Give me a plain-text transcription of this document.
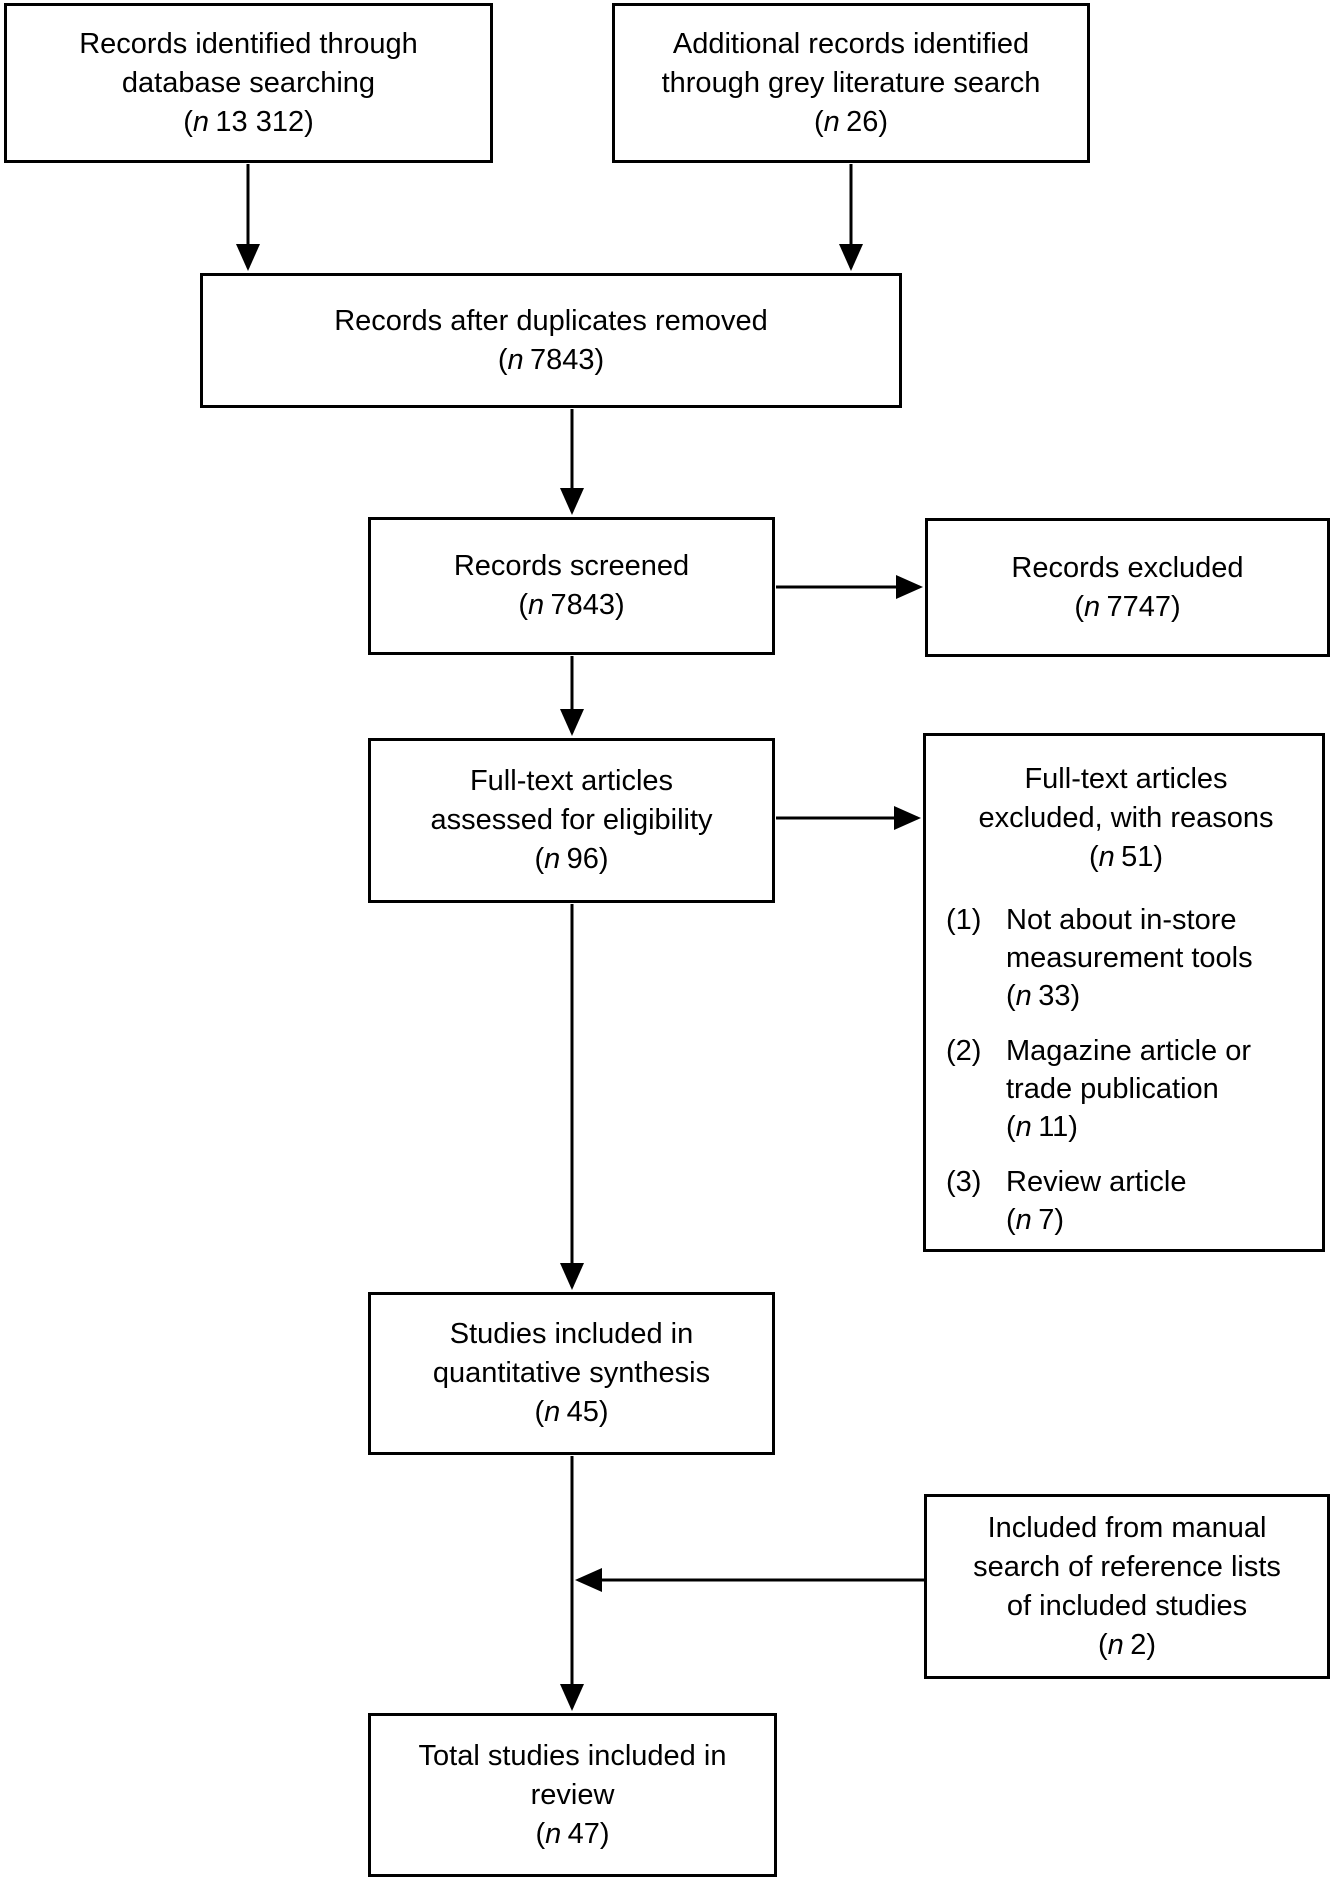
Records identified through
database searching
(n 13 312)
Additional records identified
through grey literature search
(n 26)
Records after duplicates removed
(n 7843)
Records screened
(n 7843)
Records excluded
(n 7747)
Full-text articles
assessed for eligibility
(n 96)
Full-text articles
excluded, with reasons
(n 51)
(1) Not about in-store
measurement tools
(n 33)
(2) Magazine article or
trade publication
(n 11)
(3) Review article
(n 7)
Studies included in
quantitative synthesis
(n 45)
Included from manual
search of reference lists
of included studies
(n 2)
Total studies included in
review
(n 47)
